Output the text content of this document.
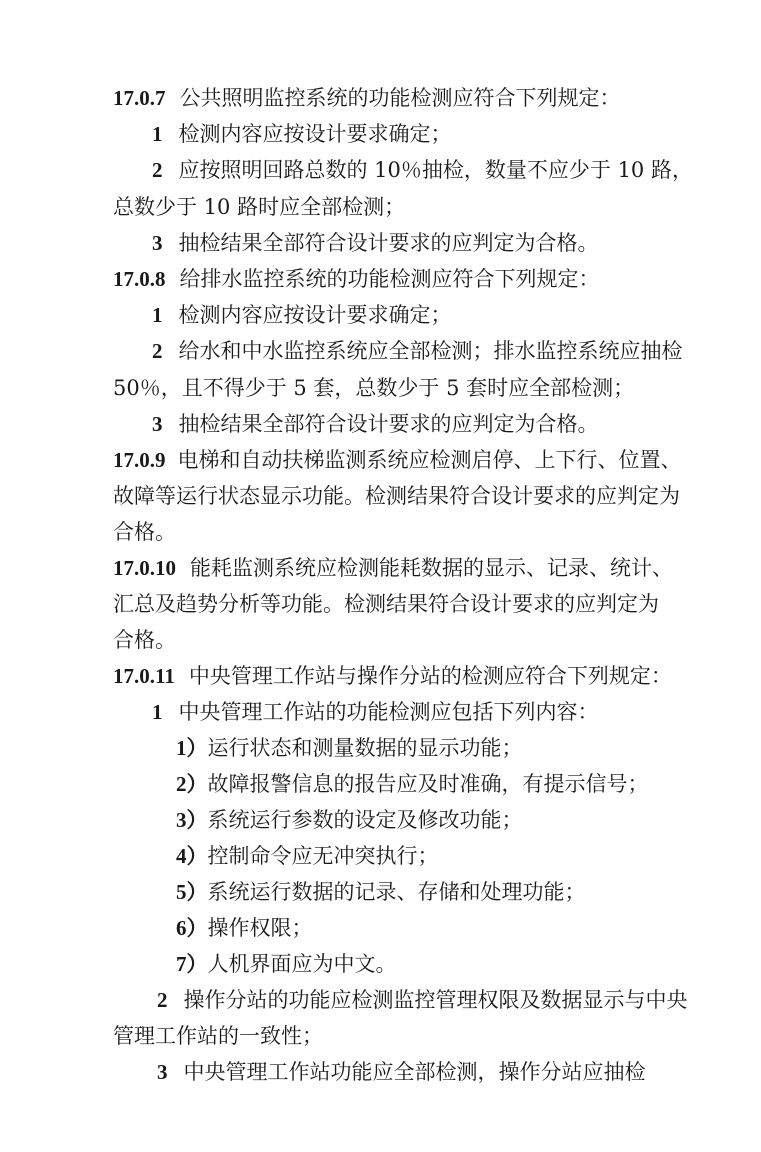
17.0.7 公共照明监控系统的功能检测应符合下列规定：
1 检测内容应按设计要求确定；
2 应按照明回路总数的 10％抽检，数量不应少于 10 路，
总数少于 10 路时应全部检测；
3 抽检结果全部符合设计要求的应判定为合格。
17.0.8 给排水监控系统的功能检测应符合下列规定：
1 检测内容应按设计要求确定；
2 给水和中水监控系统应全部检测；排水监控系统应抽检
50％，且不得少于 5 套，总数少于 5 套时应全部检测；
3 抽检结果全部符合设计要求的应判定为合格。
17.0.9 电梯和自动扶梯监测系统应检测启停、上下行、位置、
故障等运行状态显示功能。检测结果符合设计要求的应判定为
合格。
17.0.10 能耗监测系统应检测能耗数据的显示、记录、统计、
汇总及趋势分析等功能。检测结果符合设计要求的应判定为
合格。
17.0.11 中央管理工作站与操作分站的检测应符合下列规定：
1 中央管理工作站的功能检测应包括下列内容：
1）运行状态和测量数据的显示功能；
2）故障报警信息的报告应及时准确，有提示信号；
3）系统运行参数的设定及修改功能；
4）控制命令应无冲突执行；
5）系统运行数据的记录、存储和处理功能；
6）操作权限；
7）人机界面应为中文。
2 操作分站的功能应检测监控管理权限及数据显示与中央
管理工作站的一致性；
3 中央管理工作站功能应全部检测，操作分站应抽检
